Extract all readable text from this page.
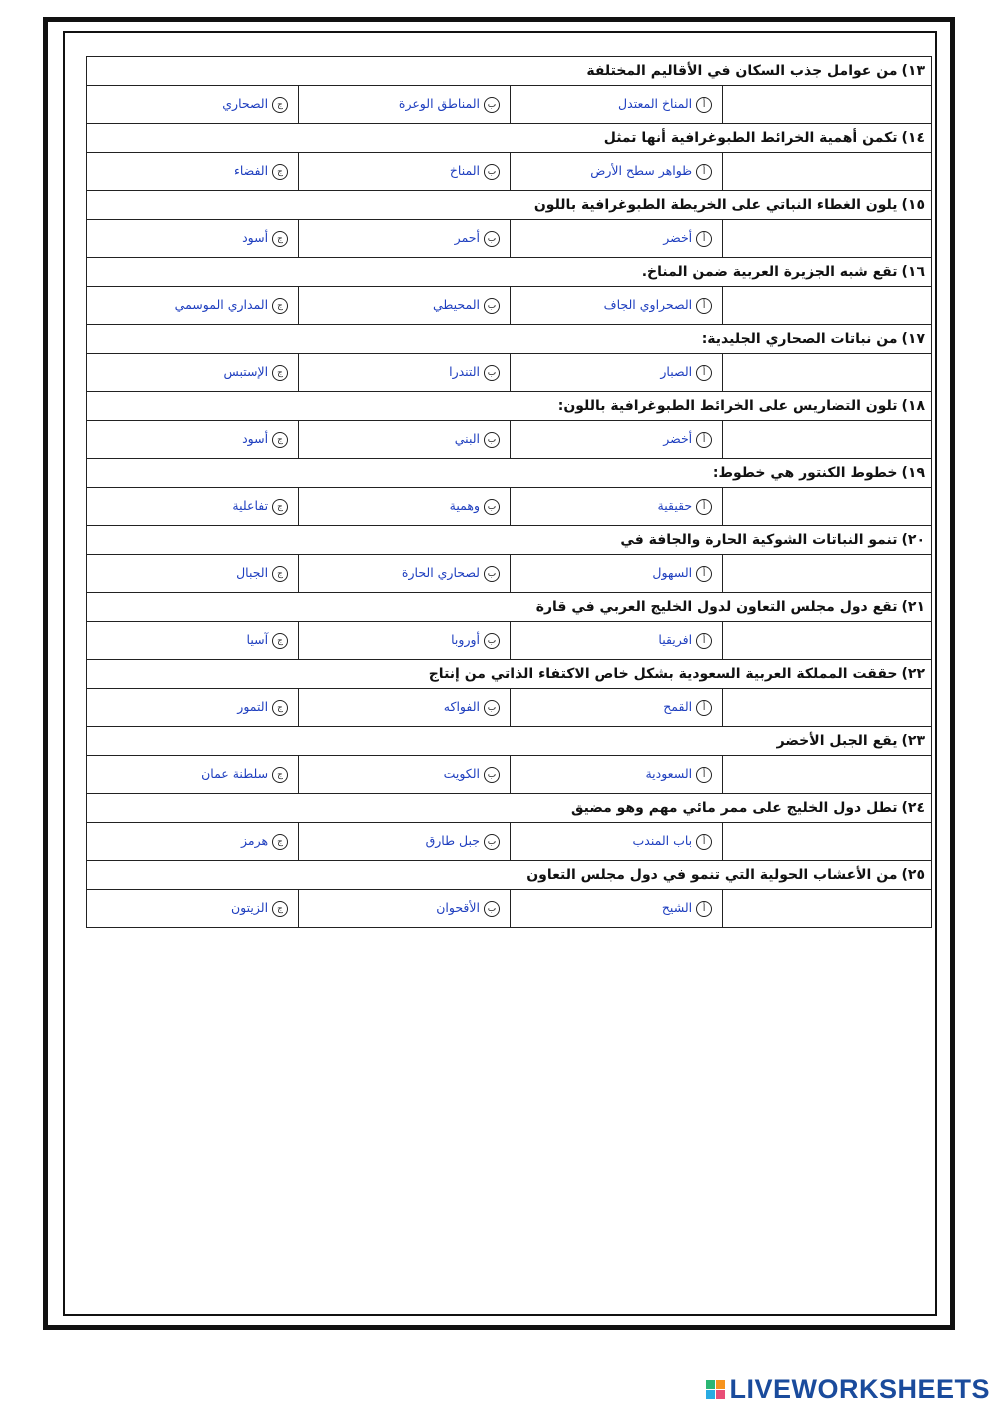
١٣)من عوامل جذب السكان في الأقاليم المختلفة			
	أالمناخ المعتدل	بالمناطق الوعرة	جالصحاري
١٤)تكمن أهمية الخرائط الطبوغرافية أنها تمثل			
	أظواهر سطح الأرض	بالمناخ	جالفضاء
١٥)يلون الغطاء النباتي على الخريطة الطبوغرافية باللون			
	أأخضر	بأحمر	جأسود
١٦)تقع شبه الجزيرة العربية ضمن المناخ.			
	أالصحراوي الجاف	بالمحيطي	جالمداري الموسمي
١٧)من نباتات الصحاري الجليدية:			
	أالصبار	بالتندرا	جالإستبس
١٨)تلون التضاريس على الخرائط الطبوغرافية باللون:			
	أأخضر	بالبني	جأسود
١٩)خطوط الكنتور هي خطوط:			
	أحقيقية	بوهمية	جتفاعلية
٢٠)تنمو النباتات الشوكية الحارة والجافة في			
	أالسهول	بلصحاري الحارة	جالجبال
٢١)تقع دول مجلس التعاون لدول الخليج العربي في قارة			
	أافريقيا	بأوروبا	جآسيا
٢٢)حققت المملكة العربية السعودية بشكل خاص الاكتفاء الذاتي من إنتاج			
	أالقمح	بالفواكه	جالتمور
٢٣)يقع الجبل الأخضر			
	أالسعودية	بالكويت	جسلطنة عمان
٢٤)تطل دول الخليج على ممر مائي مهم وهو مضيق			
	أباب المندب	بجبل طارق	جهرمز
٢٥)من الأعشاب الحولية التي تنمو في دول مجلس التعاون			
	أالشيح	بالأقحوان	جالزيتون
LIVEWORKSHEETS
